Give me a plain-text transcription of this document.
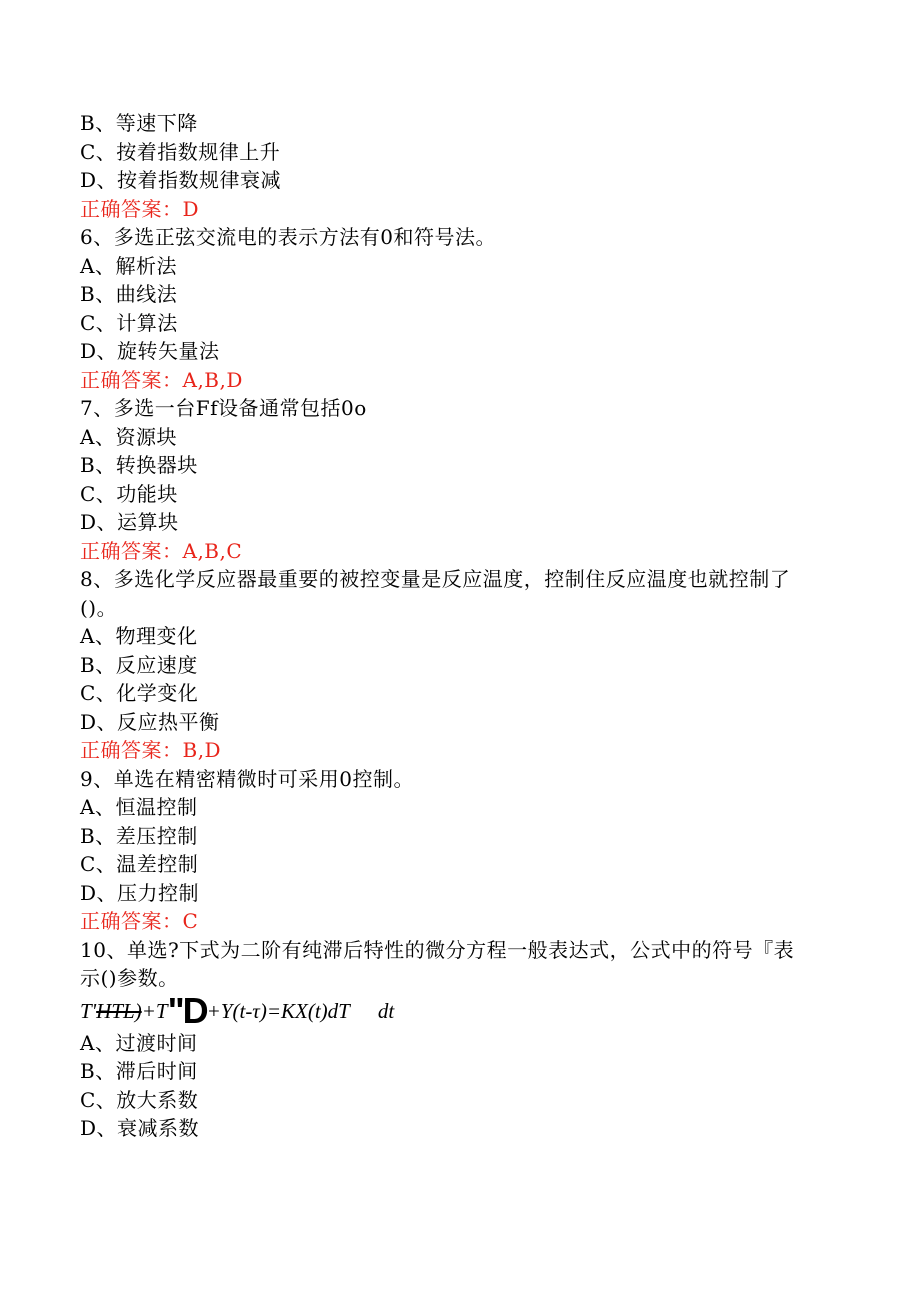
B、等速下降
C、按着指数规律上升
D、按着指数规律衰减
正确答案：D
6、多选正弦交流电的表示方法有0和符号法。
A、解析法
B、曲线法
C、计算法
D、旋转矢量法
正确答案：A,B,D
7、多选一台Ff设备通常包括0o
A、资源块
B、转换器块
C、功能块
D、运算块
正确答案：A,B,C
8、多选化学反应器最重要的被控变量是反应温度，控制住反应温度也就控制了
()。
A、物理变化
B、反应速度
C、化学变化
D、反应热平衡
正确答案：B,D
9、单选在精密精微时可采用0控制。
A、恒温控制
B、差压控制
C、温差控制
D、压力控制
正确答案：C
10、单选?下式为二阶有纯滞后特性的微分方程一般表达式，公式中的符号『表
示()参数。
T'HTL)+T"D+Y(t-τ)=KX(t)dT dt
A、过渡时间
B、滞后时间
C、放大系数
D、衰减系数
